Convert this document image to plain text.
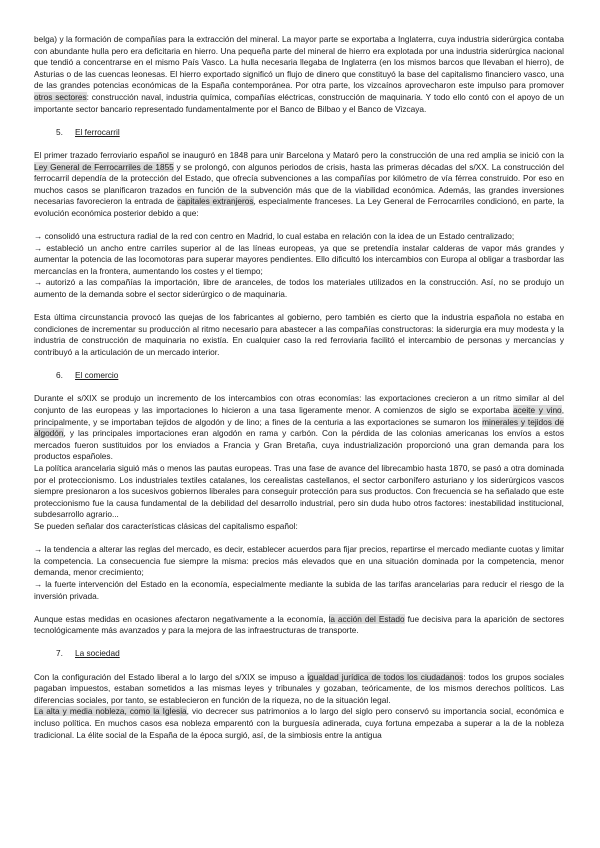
belga) y la formación de compañías para la extracción del mineral. La mayor parte se exportaba a Inglaterra, cuya industria siderúrgica contaba con abundante hulla pero era deficitaria en hierro. Una pequeña parte del mineral de hierro era explotada por una industria siderúrgica nacional que tendió a concentrarse en el mismo País Vasco. La hulla necesaria llegaba de Inglaterra (en los mismos barcos que llevaban el hierro), de Asturias o de las cuencas leonesas. El hierro exportado significó un flujo de dinero que constituyó la base del capitalismo financiero vasco, una de las grandes potencias económicas de la España contemporánea. Por otra parte, los vizcaínos aprovecharon este impulso para promover otros sectores: construcción naval, industria química, compañías eléctricas, construcción de maquinaria. Y todo ello contó con el apoyo de un importante sector bancario representado fundamentalmente por el Banco de Bilbao y el Banco de Vizcaya.

5. El ferrocarril

El primer trazado ferroviario español se inauguró en 1848 para unir Barcelona y Mataró pero la construcción de una red amplia se inició con la Ley General de Ferrocarriles de 1855 y se prolongó, con algunos periodos de crisis, hasta las primeras décadas del s/XX. La construcción del ferrocarril dependía de la protección del Estado, que ofrecía subvenciones a las compañías por kilómetro de vía férrea construido. Por eso en muchos casos se planificaron trazados en función de la subvención más que de la viabilidad económica. Además, las grandes inversiones necesarias favorecieron la entrada de capitales extranjeros, especialmente franceses. La Ley General de Ferrocarriles condicionó, en parte, la evolución económica posterior debido a que:

→ consolidó una estructura radial de la red con centro en Madrid, lo cual estaba en relación con la idea de un Estado centralizado;

→ estableció un ancho entre carriles superior al de las líneas europeas, ya que se pretendía instalar calderas de vapor más grandes y aumentar la potencia de las locomotoras para superar mayores pendientes. Ello dificultó los intercambios con Europa al obligar a trasbordar las mercancías en la frontera, aumentando los costes y el tiempo;

→ autorizó a las compañías la importación, libre de aranceles, de todos los materiales utilizados en la construcción. Así, no se produjo un aumento de la demanda sobre el sector siderúrgico o de maquinaria.

Esta última circunstancia provocó las quejas de los fabricantes al gobierno, pero también es cierto que la industria española no estaba en condiciones de incrementar su producción al ritmo necesario para abastecer a las compañías constructoras: la siderurgia era muy modesta y la industria de construcción de maquinaria no existía. En cualquier caso la red ferroviaria facilitó el intercambio de personas y mercancías y contribuyó a la articulación de un mercado interior.

6. El comercio

Durante el s/XIX se produjo un incremento de los intercambios con otras economías: las exportaciones crecieron a un ritmo similar al del conjunto de las europeas y las importaciones lo hicieron a una tasa ligeramente menor. A comienzos de siglo se exportaba aceite y vino, principalmente, y se importaban tejidos de algodón y de lino; a fines de la centuria a las exportaciones se sumaron los minerales y tejidos de algodón, y las principales importaciones eran algodón en rama y carbón. Con la pérdida de las colonias americanas los envíos a estos mercados fueron sustituidos por los enviados a Francia y Gran Bretaña, cuya industrialización proporcionó una gran demanda para los productos españoles.

La política arancelaria siguió más o menos las pautas europeas. Tras una fase de avance del librecambio hasta 1870, se pasó a otra dominada por el proteccionismo. Los industriales textiles catalanes, los cerealistas castellanos, el sector carbonífero asturiano y los siderúrgicos vascos siempre presionaron a los sucesivos gobiernos liberales para conseguir protección para sus productos. Con frecuencia se ha señalado que este proteccionismo fue la causa fundamental de la debilidad del desarrollo industrial, pero sin duda hubo otros factores: inestabilidad institucional, subdesarrollo agrario...

Se pueden señalar dos características clásicas del capitalismo español:

→ la tendencia a alterar las reglas del mercado, es decir, establecer acuerdos para fijar precios, repartirse el mercado mediante cuotas y limitar la competencia. La consecuencia fue siempre la misma: precios más elevados que en una situación dominada por la competencia, menor demanda, menor crecimiento;

→ la fuerte intervención del Estado en la economía, especialmente mediante la subida de las tarifas arancelarias para reducir el riesgo de la inversión privada.

Aunque estas medidas en ocasiones afectaron negativamente a la economía, la acción del Estado fue decisiva para la aparición de sectores tecnológicamente más avanzados y para la mejora de las infraestructuras de transporte.

7. La sociedad

Con la configuración del Estado liberal a lo largo del s/XIX se impuso a igualdad jurídica de todos los ciudadanos: todos los grupos sociales pagaban impuestos, estaban sometidos a las mismas leyes y tribunales y gozaban, teóricamente, de los mismos derechos políticos. Las diferencias sociales, por tanto, se establecieron en función de la riqueza, no de la situación legal.

La alta y media nobleza, como la Iglesia, vio decrecer sus patrimonios a lo largo del siglo pero conservó su importancia social, económica e incluso política. En muchos casos esa nobleza emparentó con la burguesía adinerada, cuya fortuna empezaba a superar a la de la nobleza tradicional. La élite social de la España de la época surgió, así, de la simbiosis entre la antigua
